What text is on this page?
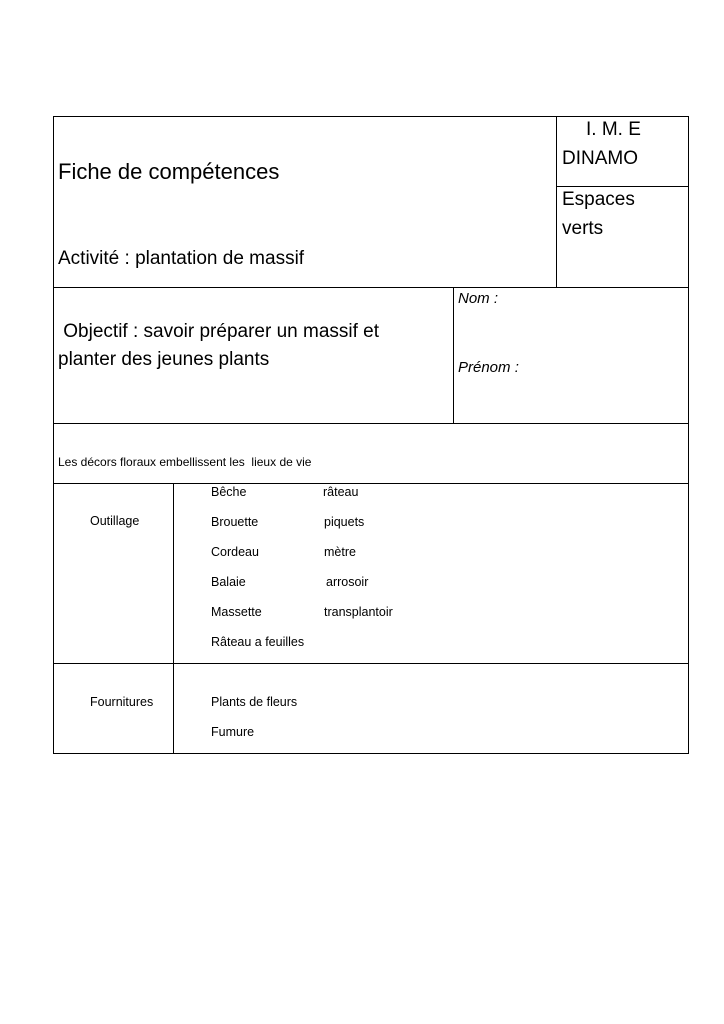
Fiche de compétences
Activité : plantation de massif
I. M. E
DINAMO
Espaces
verts
Objectif : savoir préparer un massif et
planter des jeunes plants
Nom :
Prénom :
Les décors floraux embellissent les  lieux de vie
Outillage
Bêche	râteau
Brouette	piquets
Cordeau	mètre
Balaie	arrosoir
Massette	transplantoir
Râteau a feuilles
Fournitures	Plants de fleurs
Fumure
